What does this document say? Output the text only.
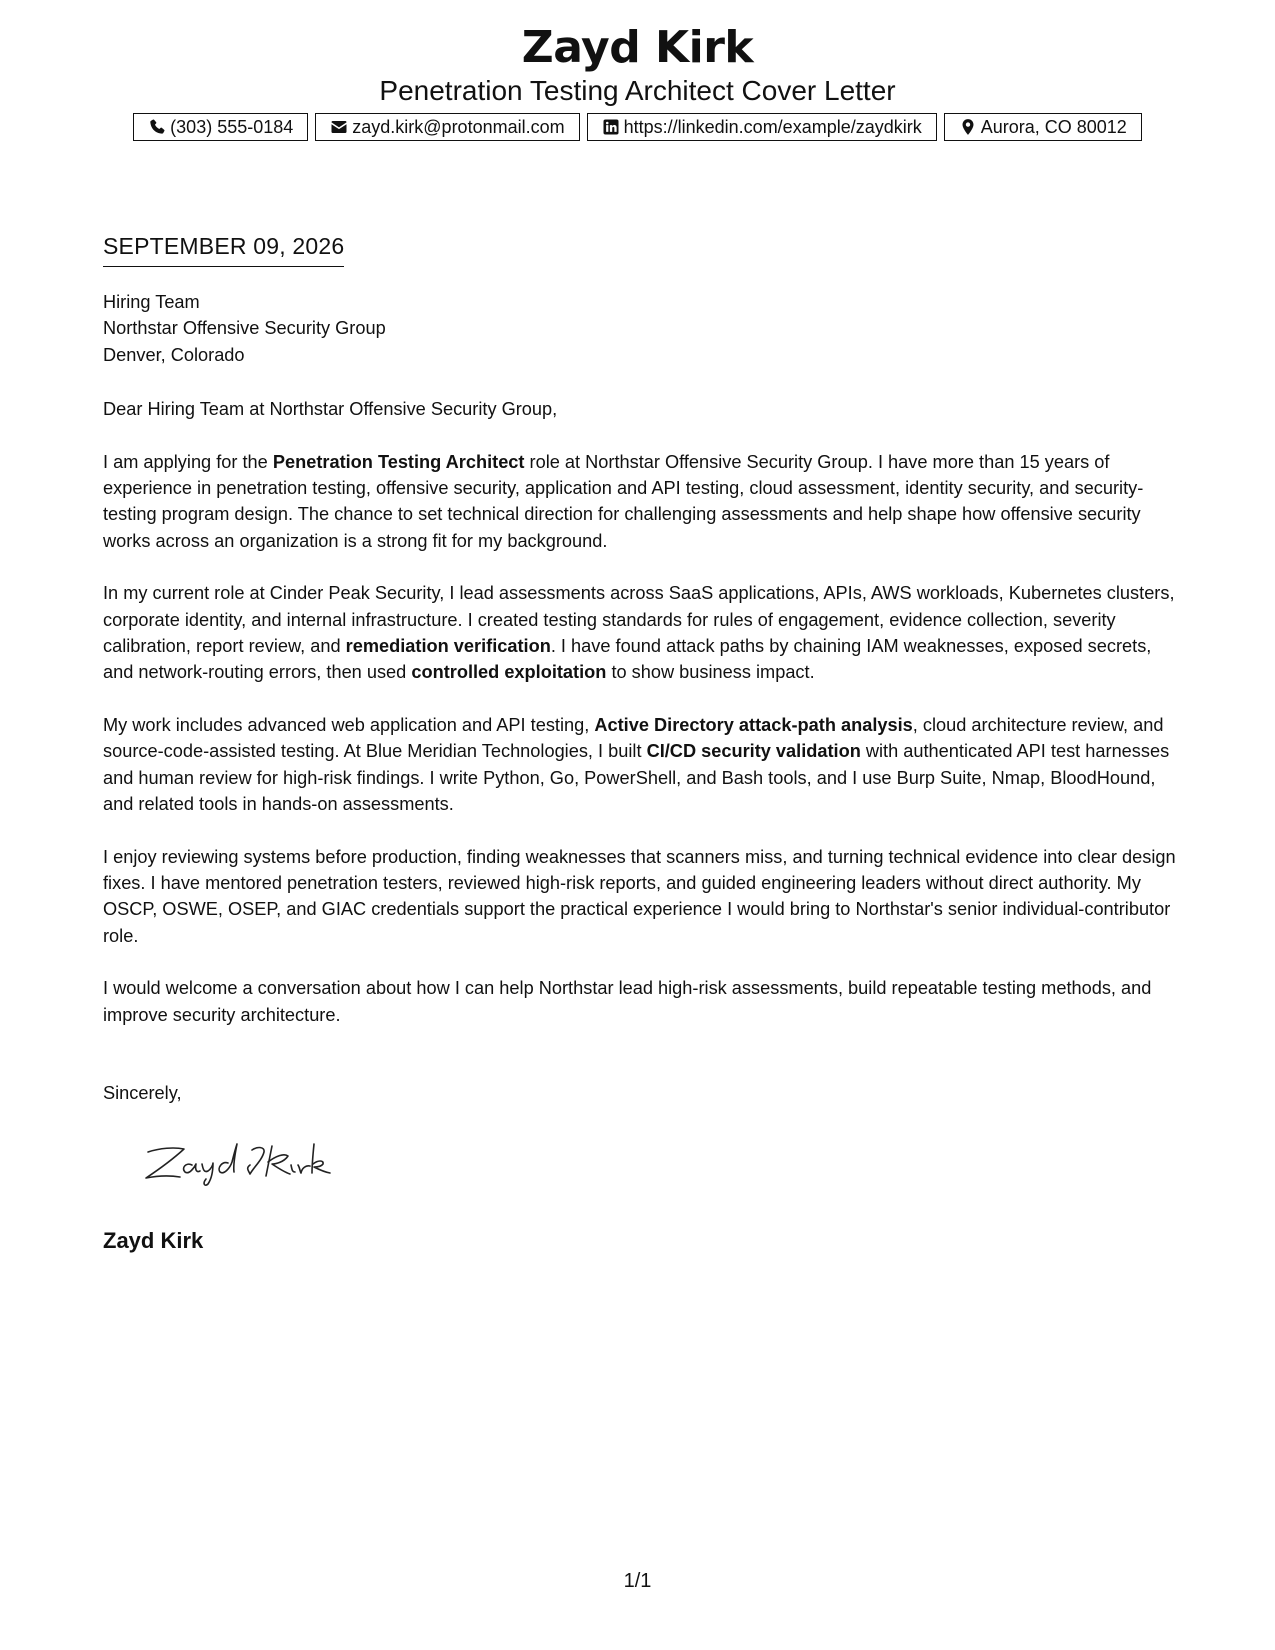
Zayd Kirk
Penetration Testing Architect Cover Letter
(303) 555-0184	zayd.kirk@protonmail.com	https://linkedin.com/example/zaydkirk	Aurora, CO 80012
SEPTEMBER 09, 2026
Hiring Team
Northstar Offensive Security Group
Denver, Colorado
Dear Hiring Team at Northstar Offensive Security Group,

I am applying for the Penetration Testing Architect role at Northstar Offensive Security Group. I have more than 15 years of experience in penetration testing, offensive security, application and API testing, cloud assessment, identity security, and security-testing program design. The chance to set technical direction for challenging assessments and help shape how offensive security works across an organization is a strong fit for my background.

In my current role at Cinder Peak Security, I lead assessments across SaaS applications, APIs, AWS workloads, Kubernetes clusters, corporate identity, and internal infrastructure. I created testing standards for rules of engagement, evidence collection, severity calibration, report review, and remediation verification. I have found attack paths by chaining IAM weaknesses, exposed secrets, and network-routing errors, then used controlled exploitation to show business impact.

My work includes advanced web application and API testing, Active Directory attack-path analysis, cloud architecture review, and source-code-assisted testing. At Blue Meridian Technologies, I built CI/CD security validation with authenticated API test harnesses and human review for high-risk findings. I write Python, Go, PowerShell, and Bash tools, and I use Burp Suite, Nmap, BloodHound, and related tools in hands-on assessments.

I enjoy reviewing systems before production, finding weaknesses that scanners miss, and turning technical evidence into clear design fixes. I have mentored penetration testers, reviewed high-risk reports, and guided engineering leaders without direct authority. My OSCP, OSWE, OSEP, and GIAC credentials support the practical experience I would bring to Northstar's senior individual-contributor role.

I would welcome a conversation about how I can help Northstar lead high-risk assessments, build repeatable testing methods, and improve security architecture.

Sincerely,
Zayd Kirk
1/1
